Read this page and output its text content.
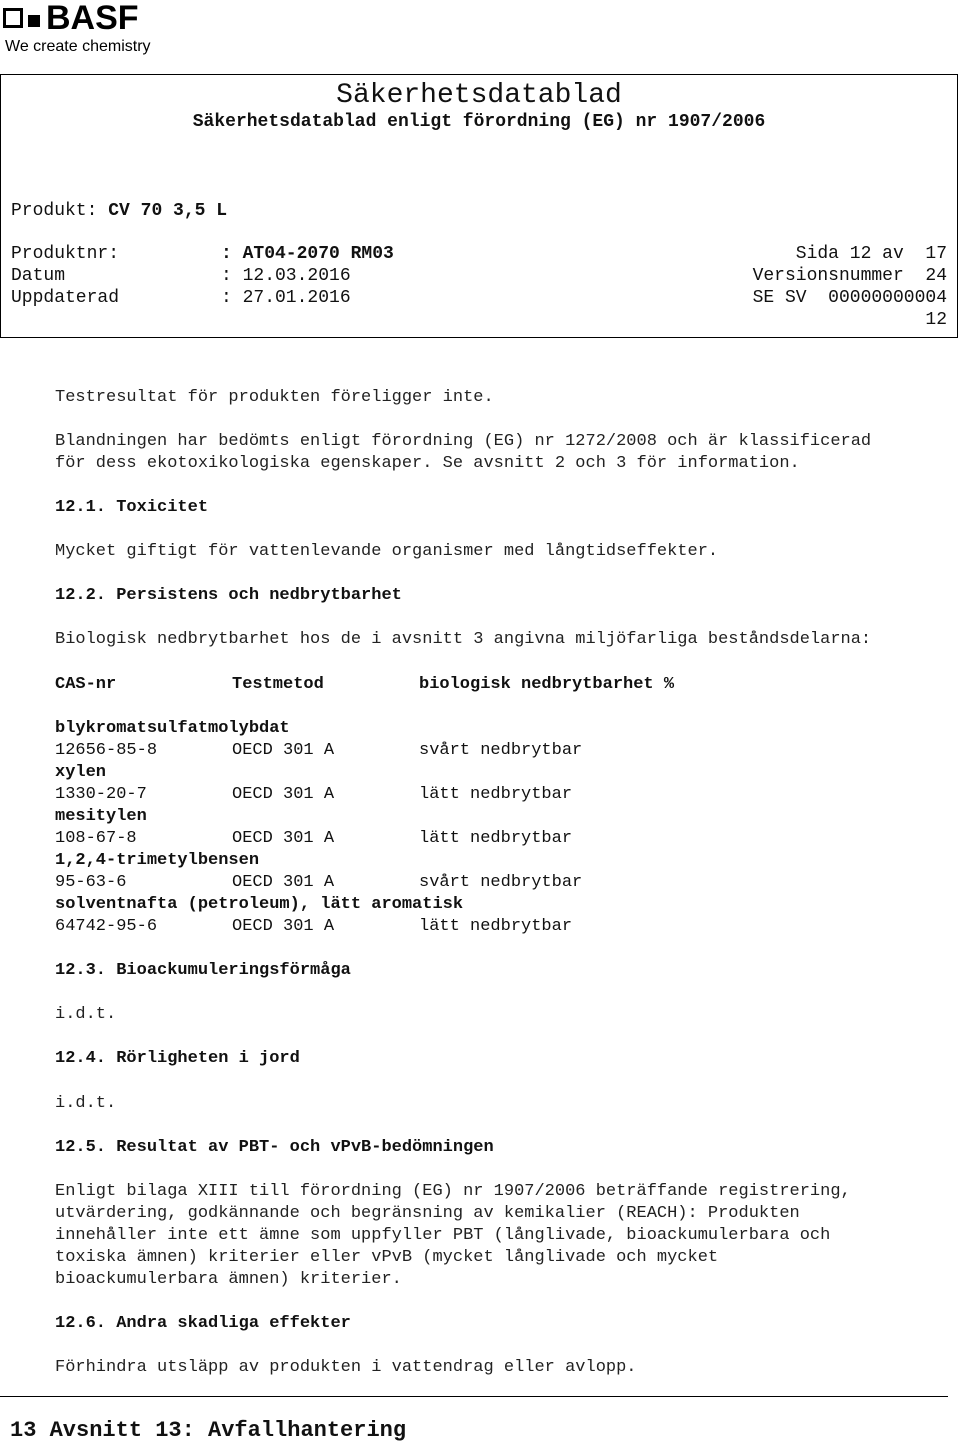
BASF
We create chemistry
Säkerhetsdatablad
Säkerhetsdatablad enligt förordning (EG) nr 1907/2006
Produkt: CV 70 3,5 L
Produktnr:	: AT04-2070 RM03	Sida 12 av  17
Datum	: 12.03.2016	Versionsnummer  24
Uppdaterad	: 27.01.2016	SE SV  00000000004
12
Testresultat för produkten föreligger inte.
Blandningen har bedömts enligt förordning (EG) nr 1272/2008 och är klassificerad
för dess ekotoxikologiska egenskaper. Se avsnitt 2 och 3 för information.
12.1. Toxicitet
Mycket giftigt för vattenlevande organismer med långtidseffekter.
12.2. Persistens och nedbrytbarhet
Biologisk nedbrytbarhet hos de i avsnitt 3 angivna miljöfarliga beståndsdelarna:
CAS-nr	Testmetod	biologisk nedbrytbarhet %
blykromatsulfatmolybdat
12656-85-8	OECD 301 A	svårt nedbrytbar
xylen
1330-20-7	OECD 301 A	lätt nedbrytbar
mesitylen
108-67-8	OECD 301 A	lätt nedbrytbar
1,2,4-trimetylbensen
95-63-6	OECD 301 A	svårt nedbrytbar
solventnafta (petroleum), lätt aromatisk
64742-95-6	OECD 301 A	lätt nedbrytbar
12.3. Bioackumuleringsförmåga
i.d.t.
12.4. Rörligheten i jord
i.d.t.
12.5. Resultat av PBT- och vPvB-bedömningen
Enligt bilaga XIII till förordning (EG) nr 1907/2006 beträffande registrering,
utvärdering, godkännande och begränsning av kemikalier (REACH): Produkten
innehåller inte ett ämne som uppfyller PBT (långlivade, bioackumulerbara och
toxiska ämnen) kriterier eller vPvB (mycket långlivade och mycket
bioackumulerbara ämnen) kriterier.
12.6. Andra skadliga effekter
Förhindra utsläpp av produkten i vattendrag eller avlopp.
13 Avsnitt 13: Avfallhantering
